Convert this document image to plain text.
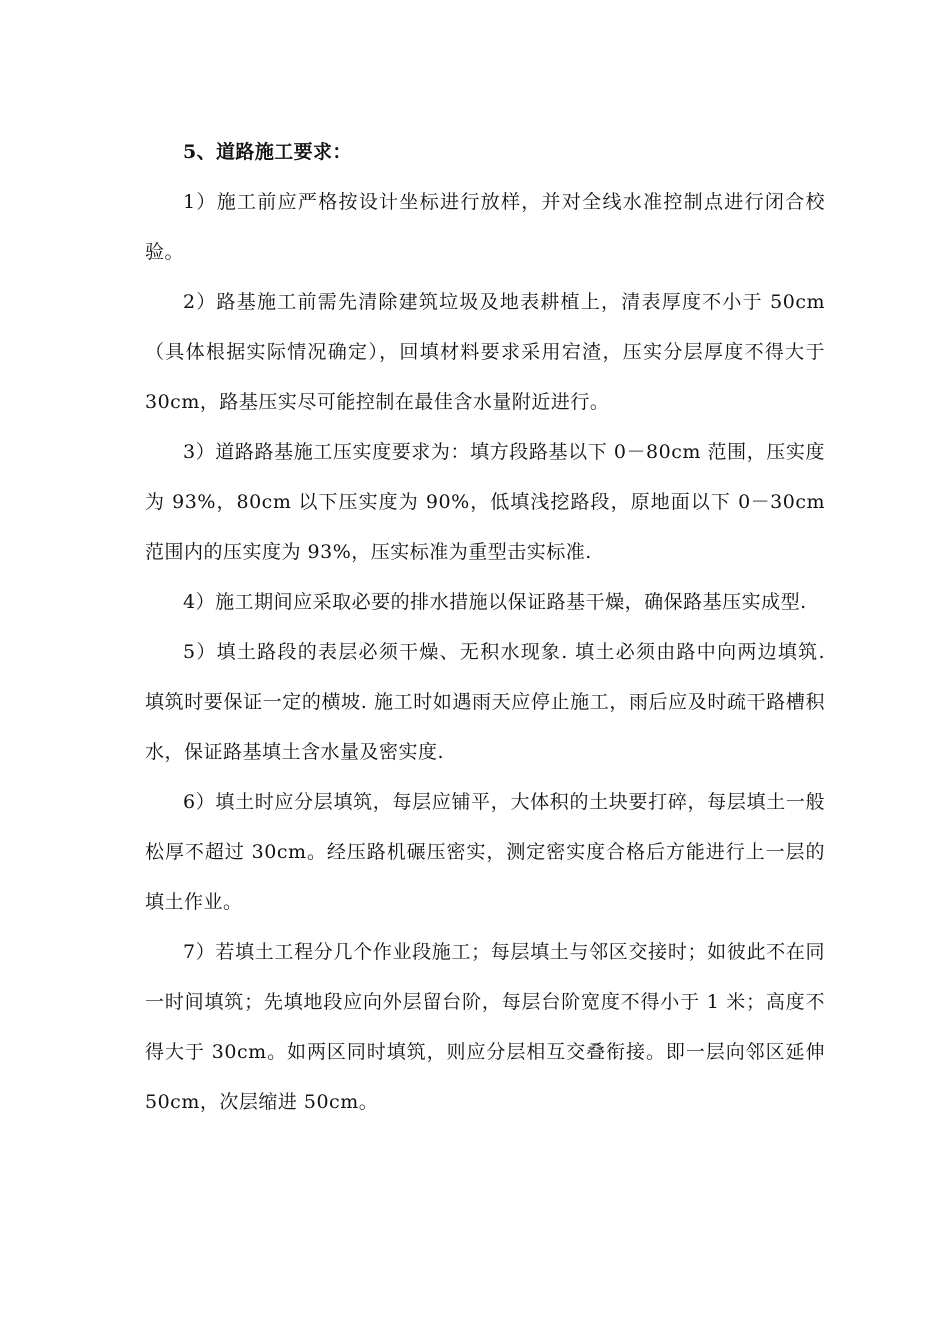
5、道路施工要求：

1）施工前应严格按设计坐标进行放样，并对全线水准控制点进行闭合校验。

2）路基施工前需先清除建筑垃圾及地表耕植上，清表厚度不小于 50cm（具体根据实际情况确定），回填材料要求采用宕渣，压实分层厚度不得大于 30cm，路基压实尽可能控制在最佳含水量附近进行。

3）道路路基施工压实度要求为：填方段路基以下 0－80cm 范围，压实度为 93%，80cm 以下压实度为 90%，低填浅挖路段，原地面以下 0－30cm 范围内的压实度为 93%，压实标准为重型击实标准.

4）施工期间应采取必要的排水措施以保证路基干燥，确保路基压实成型.

5）填土路段的表层必须干燥、无积水现象. 填土必须由路中向两边填筑. 填筑时要保证一定的横坡. 施工时如遇雨天应停止施工，雨后应及时疏干路槽积水，保证路基填土含水量及密实度.

6）填土时应分层填筑，每层应铺平，大体积的土块要打碎，每层填土一般松厚不超过 30cm。经压路机碾压密实，测定密实度合格后方能进行上一层的填土作业。

7）若填土工程分几个作业段施工；每层填土与邻区交接时；如彼此不在同一时间填筑；先填地段应向外层留台阶，每层台阶宽度不得小于 1 米；高度不得大于 30cm。如两区同时填筑，则应分层相互交叠衔接。即一层向邻区延伸 50cm，次层缩进 50cm。
